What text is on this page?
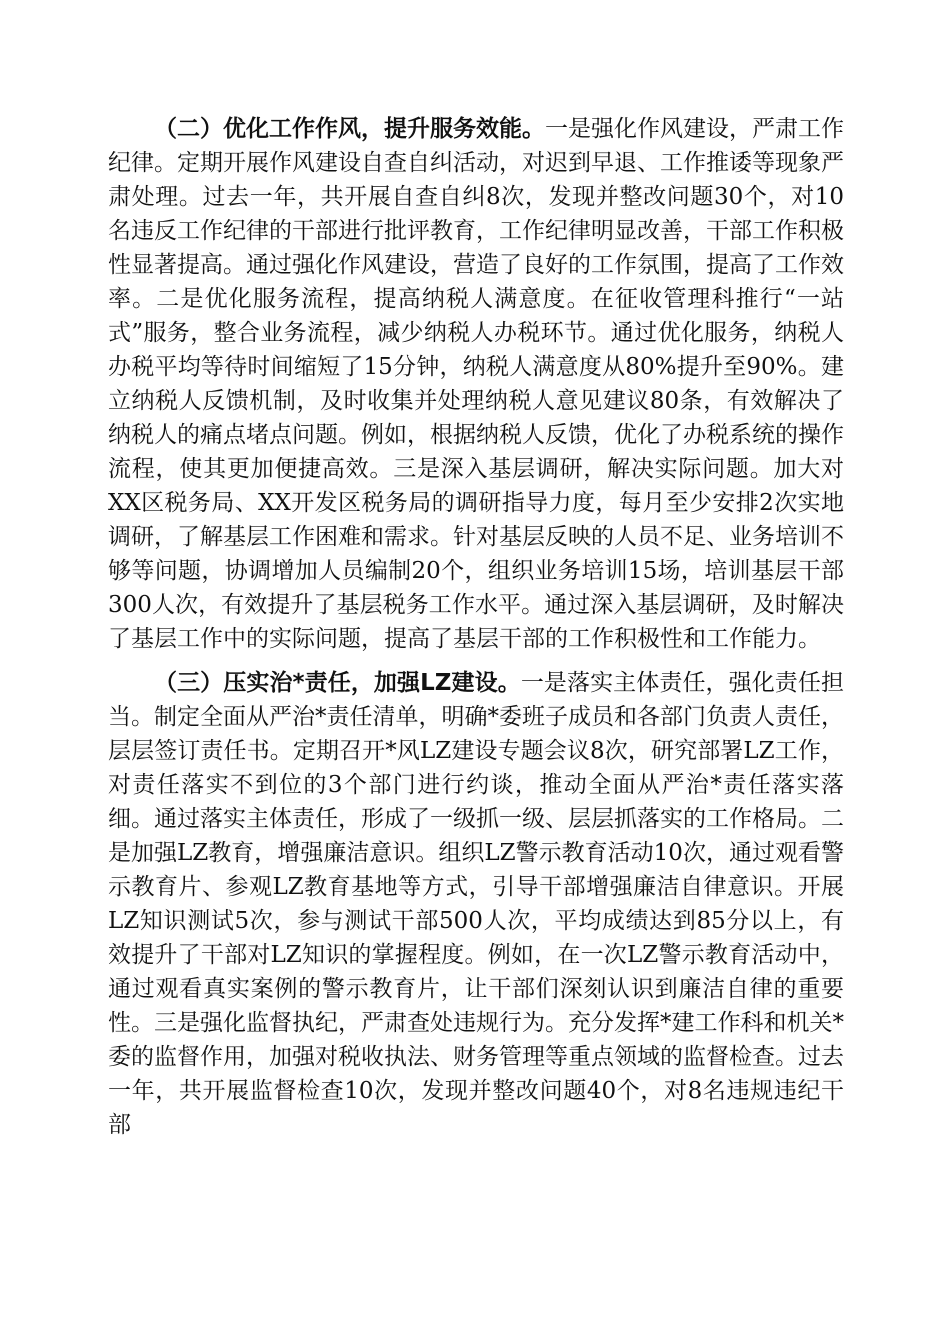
（二）优化工作作风，提升服务效能。一是强化作风建设，严肃工作纪律。定期开展作风建设自查自纠活动，对迟到早退、工作推诿等现象严肃处理。过去一年，共开展自查自纠8次，发现并整改问题30个，对10名违反工作纪律的干部进行批评教育，工作纪律明显改善，干部工作积极性显著提高。通过强化作风建设，营造了良好的工作氛围，提高了工作效率。二是优化服务流程，提高纳税人满意度。在征收管理科推行“一站式”服务，整合业务流程，减少纳税人办税环节。通过优化服务，纳税人办税平均等待时间缩短了15分钟，纳税人满意度从80%提升至90%。建立纳税人反馈机制，及时收集并处理纳税人意见建议80条，有效解决了纳税人的痛点堵点问题。例如，根据纳税人反馈，优化了办税系统的操作流程，使其更加便捷高效。三是深入基层调研，解决实际问题。加大对XX区税务局、XX开发区税务局的调研指导力度，每月至少安排2次实地调研，了解基层工作困难和需求。针对基层反映的人员不足、业务培训不够等问题，协调增加人员编制20个，组织业务培训15场，培训基层干部300人次，有效提升了基层税务工作水平。通过深入基层调研，及时解决了基层工作中的实际问题，提高了基层干部的工作积极性和工作能力。

（三）压实治*责任，加强LZ建设。一是落实主体责任，强化责任担当。制定全面从严治*责任清单，明确*委班子成员和各部门负责人责任，层层签订责任书。定期召开*风LZ建设专题会议8次，研究部署LZ工作，对责任落实不到位的3个部门进行约谈，推动全面从严治*责任落实落细。通过落实主体责任，形成了一级抓一级、层层抓落实的工作格局。二是加强LZ教育，增强廉洁意识。组织LZ警示教育活动10次，通过观看警示教育片、参观LZ教育基地等方式，引导干部增强廉洁自律意识。开展LZ知识测试5次，参与测试干部500人次，平均成绩达到85分以上，有效提升了干部对LZ知识的掌握程度。例如，在一次LZ警示教育活动中，通过观看真实案例的警示教育片，让干部们深刻认识到廉洁自律的重要性。三是强化监督执纪，严肃查处违规行为。充分发挥*建工作科和机关*委的监督作用，加强对税收执法、财务管理等重点领域的监督检查。过去一年，共开展监督检查10次，发现并整改问题40个，对8名违规违纪干部
